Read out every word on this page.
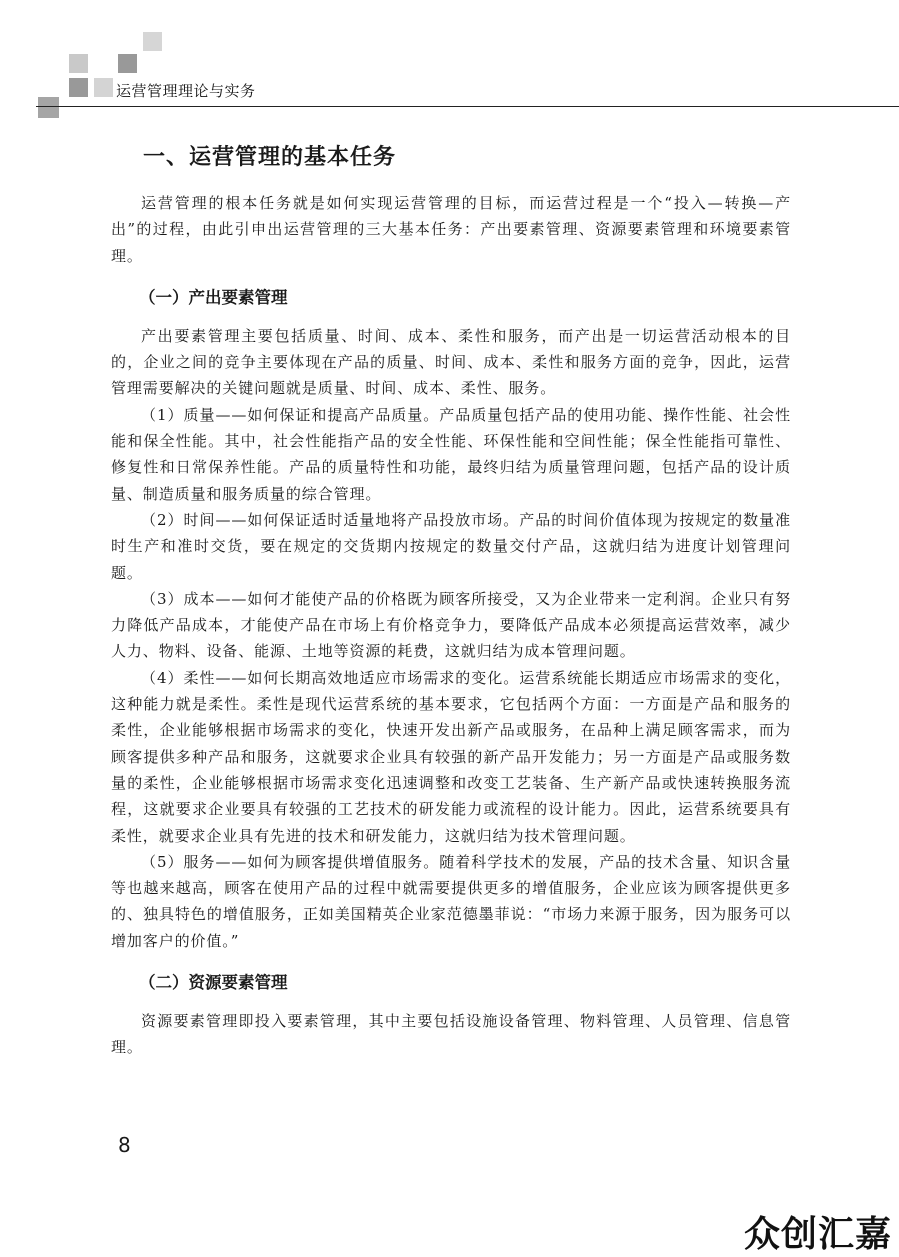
运营管理理论与实务
一、运营管理的基本任务

运营管理的根本任务就是如何实现运营管理的目标，而运营过程是一个“投入—转换—产出”的过程，由此引申出运营管理的三大基本任务：产出要素管理、资源要素管理和环境要素管理。

（一）产出要素管理

产出要素管理主要包括质量、时间、成本、柔性和服务，而产出是一切运营活动根本的目的，企业之间的竞争主要体现在产品的质量、时间、成本、柔性和服务方面的竞争，因此，运营管理需要解决的关键问题就是质量、时间、成本、柔性、服务。

（1）质量——如何保证和提高产品质量。产品质量包括产品的使用功能、操作性能、社会性能和保全性能。其中，社会性能指产品的安全性能、环保性能和空间性能；保全性能指可靠性、修复性和日常保养性能。产品的质量特性和功能，最终归结为质量管理问题，包括产品的设计质量、制造质量和服务质量的综合管理。

（2）时间——如何保证适时适量地将产品投放市场。产品的时间价值体现为按规定的数量准时生产和准时交货，要在规定的交货期内按规定的数量交付产品，这就归结为进度计划管理问题。

（3）成本——如何才能使产品的价格既为顾客所接受，又为企业带来一定利润。企业只有努力降低产品成本，才能使产品在市场上有价格竞争力，要降低产品成本必须提高运营效率，减少人力、物料、设备、能源、土地等资源的耗费，这就归结为成本管理问题。

（4）柔性——如何长期高效地适应市场需求的变化。运营系统能长期适应市场需求的变化，这种能力就是柔性。柔性是现代运营系统的基本要求，它包括两个方面：一方面是产品和服务的柔性，企业能够根据市场需求的变化，快速开发出新产品或服务，在品种上满足顾客需求，而为顾客提供多种产品和服务，这就要求企业具有较强的新产品开发能力；另一方面是产品或服务数量的柔性，企业能够根据市场需求变化迅速调整和改变工艺装备、生产新产品或快速转换服务流程，这就要求企业要具有较强的工艺技术的研发能力或流程的设计能力。因此，运营系统要具有柔性，就要求企业具有先进的技术和研发能力，这就归结为技术管理问题。

（5）服务——如何为顾客提供增值服务。随着科学技术的发展，产品的技术含量、知识含量等也越来越高，顾客在使用产品的过程中就需要提供更多的增值服务，企业应该为顾客提供更多的、独具特色的增值服务，正如美国精英企业家范德墨菲说：“市场力来源于服务，因为服务可以增加客户的价值。”

（二）资源要素管理

资源要素管理即投入要素管理，其中主要包括设施设备管理、物料管理、人员管理、信息管理。

8
众创汇嘉
